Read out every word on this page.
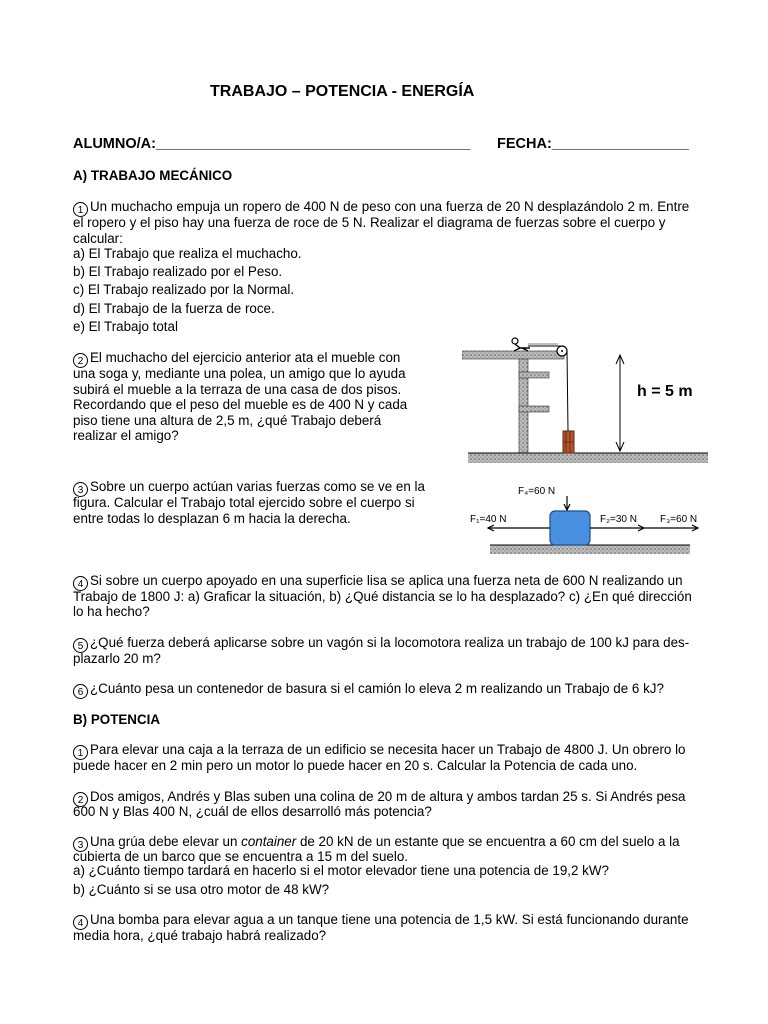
TRABAJO – POTENCIA - ENERGÍA
ALUMNO/A:_______________________________________ FECHA:_________________
A) TRABAJO MECÁNICO
1 Un muchacho empuja un ropero de 400 N de peso con una fuerza de 20 N desplazándolo 2 m. Entre
el ropero y el piso hay una fuerza de roce de 5 N. Realizar el diagrama de fuerzas sobre el cuerpo y
calcular:
a) El Trabajo que realiza el muchacho.
b) El Trabajo realizado por el Peso.
c) El Trabajo realizado por la Normal.
d) El Trabajo de la fuerza de roce.
e) El Trabajo total
2 El muchacho del ejercicio anterior ata el mueble con
una soga y, mediante una polea, un amigo que lo ayuda
subirá el mueble a la terraza de una casa de dos pisos.
Recordando que el peso del mueble es de 400 N y cada
piso tiene una altura de 2,5 m, ¿qué Trabajo deberá
realizar el amigo?
h = 5 m
3 Sobre un cuerpo actúan varias fuerzas como se ve en la
figura. Calcular el Trabajo total ejercido sobre el cuerpo si
entre todas lo desplazan 6 m hacia la derecha.
F₄=60 N
F₁=40 N	F₂=30 N F₃=60 N
4 Si sobre un cuerpo apoyado en una superficie lisa se aplica una fuerza neta de 600 N realizando un
Trabajo de 1800 J: a) Graficar la situación, b) ¿Qué distancia se lo ha desplazado? c) ¿En qué dirección
lo ha hecho?
5 ¿Qué fuerza deberá aplicarse sobre un vagón si la locomotora realiza un trabajo de 100 kJ para des-
plazarlo 20 m?
6 ¿Cuánto pesa un contenedor de basura si el camión lo eleva 2 m realizando un Trabajo de 6 kJ?
B) POTENCIA
1 Para elevar una caja a la terraza de un edificio se necesita hacer un Trabajo de 4800 J. Un obrero lo
puede hacer en 2 min pero un motor lo puede hacer en 20 s. Calcular la Potencia de cada uno.
2 Dos amigos, Andrés y Blas suben una colina de 20 m de altura y ambos tardan 25 s. Si Andrés pesa
600 N y Blas 400 N, ¿cuál de ellos desarrolló más potencia?
3 Una grúa debe elevar un container de 20 kN de un estante que se encuentra a 60 cm del suelo a la
cubierta de un barco que se encuentra a 15 m del suelo.
a) ¿Cuánto tiempo tardará en hacerlo si el motor elevador tiene una potencia de 19,2 kW?
b) ¿Cuánto si se usa otro motor de 48 kW?
4 Una bomba para elevar agua a un tanque tiene una potencia de 1,5 kW. Si está funcionando durante
media hora, ¿qué trabajo habrá realizado?
